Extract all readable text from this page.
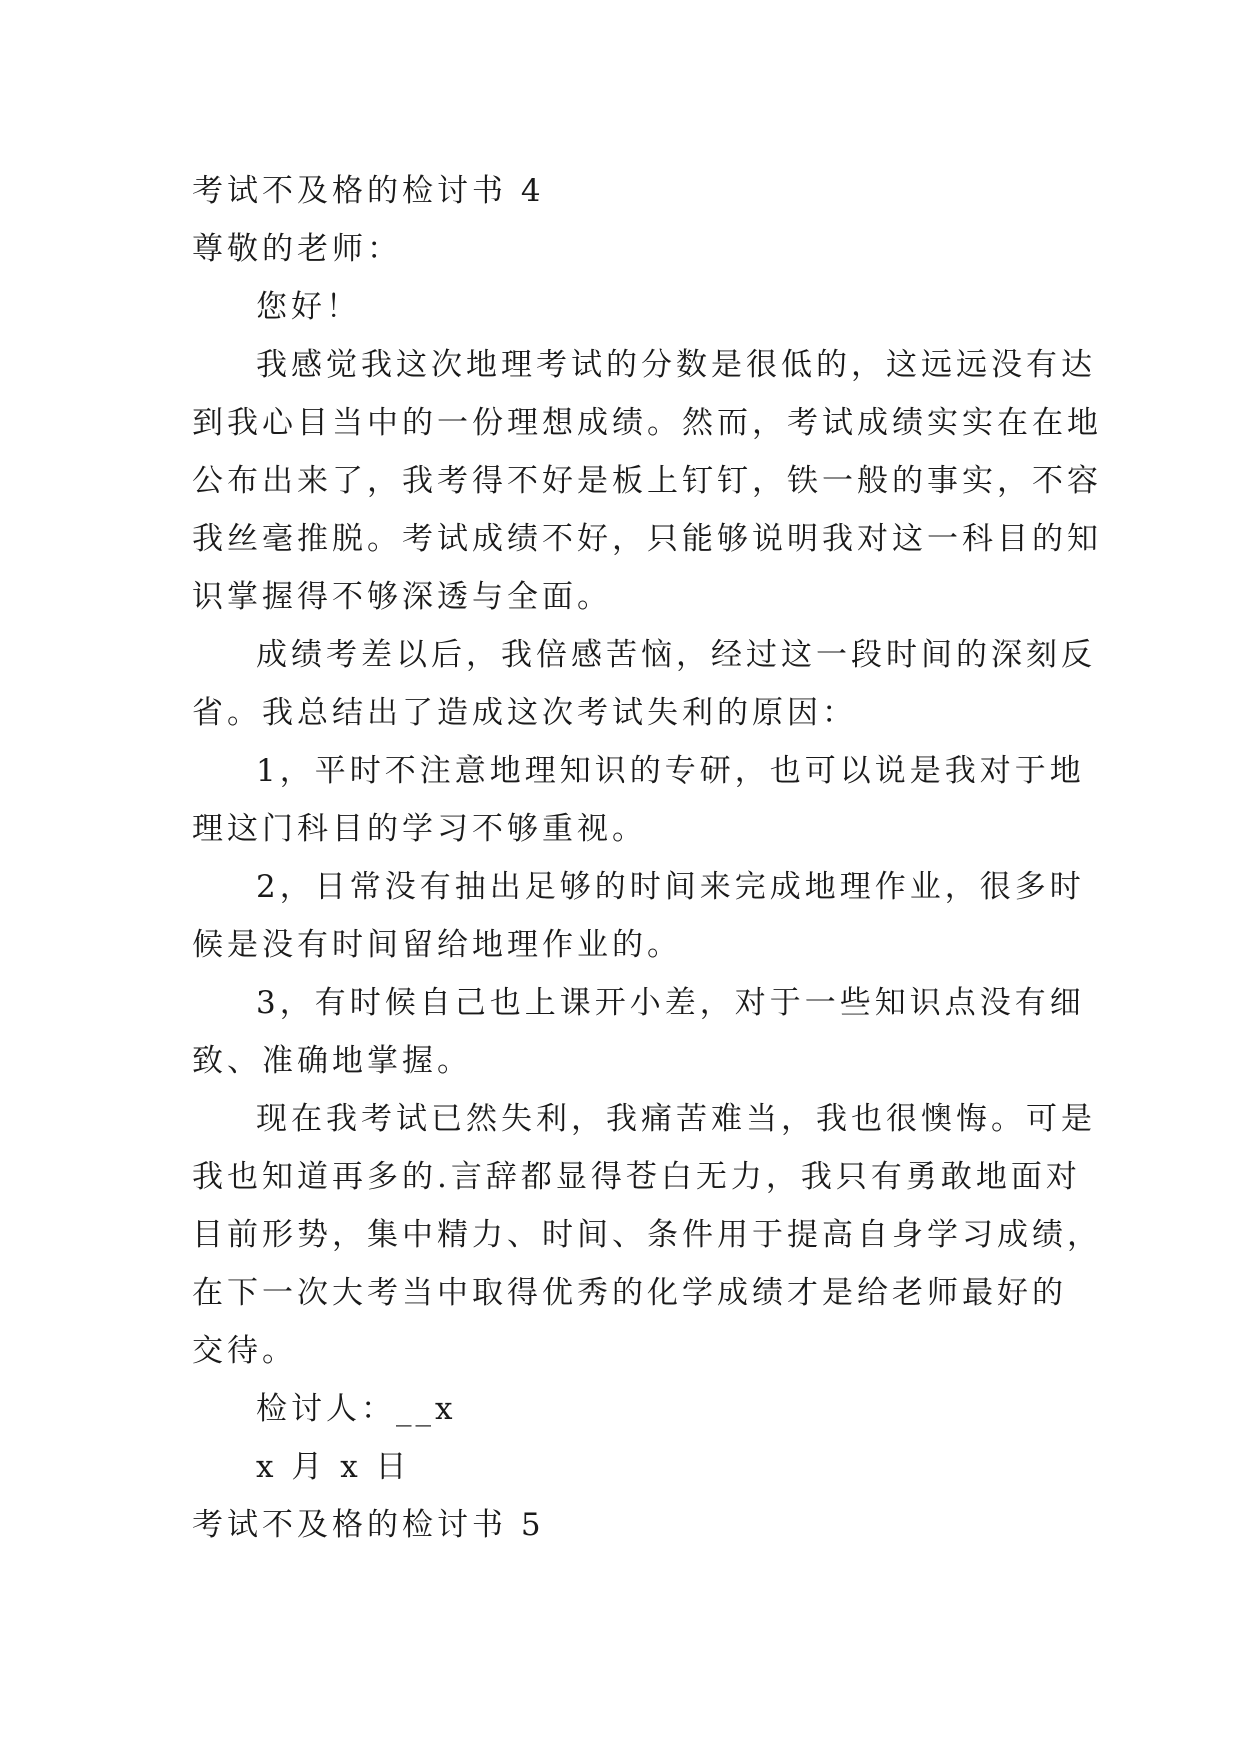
考试不及格的检讨书 4

尊敬的老师：

您好！

我感觉我这次地理考试的分数是很低的，这远远没有达
到我心目当中的一份理想成绩。然而，考试成绩实实在在地
公布出来了，我考得不好是板上钉钉，铁一般的事实，不容
我丝毫推脱。考试成绩不好，只能够说明我对这一科目的知
识掌握得不够深透与全面。

成绩考差以后，我倍感苦恼，经过这一段时间的深刻反
省。我总结出了造成这次考试失利的原因：

1，平时不注意地理知识的专研，也可以说是我对于地
理这门科目的学习不够重视。

2，日常没有抽出足够的时间来完成地理作业，很多时
候是没有时间留给地理作业的。

3，有时候自己也上课开小差，对于一些知识点没有细
致、准确地掌握。

现在我考试已然失利，我痛苦难当，我也很懊悔。可是
我也知道再多的.言辞都显得苍白无力，我只有勇敢地面对
目前形势，集中精力、时间、条件用于提高自身学习成绩，
在下一次大考当中取得优秀的化学成绩才是给老师最好的
交待。

检讨人：__x

x 月 x 日

考试不及格的检讨书 5
